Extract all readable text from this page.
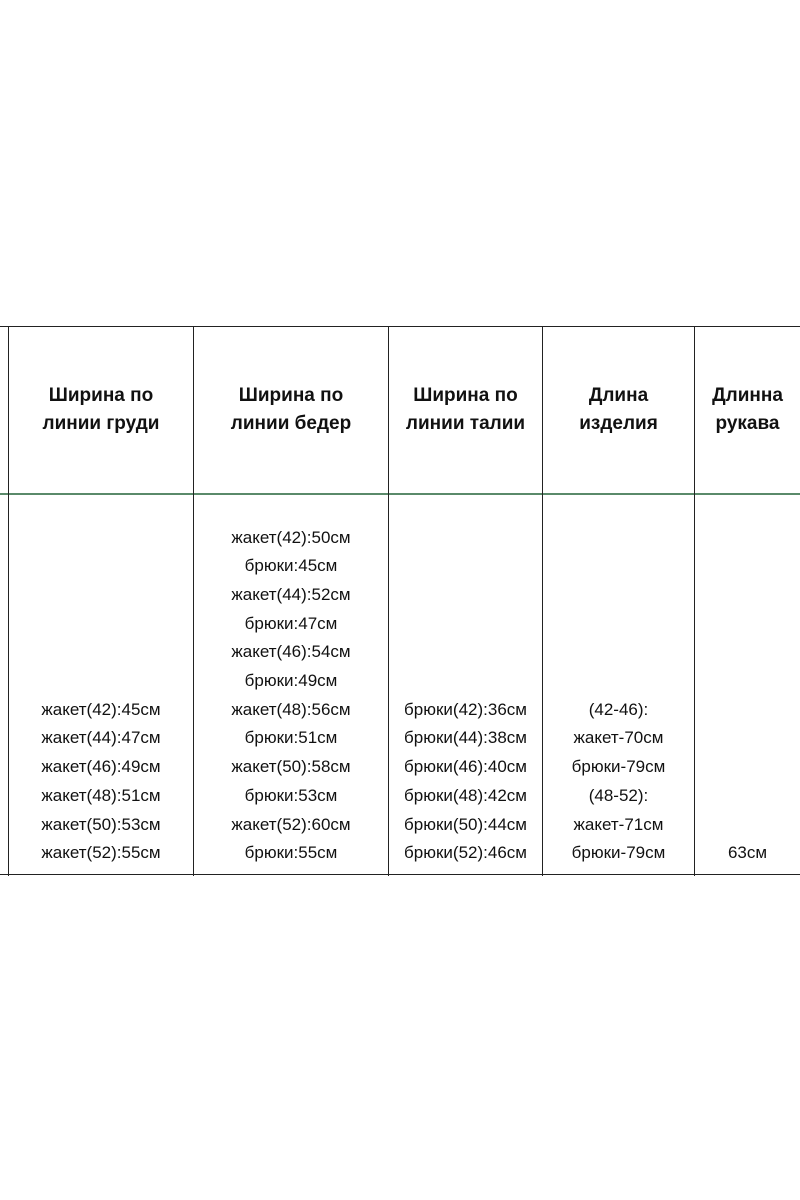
Ширина по
линии груди
Ширина по
линии бедер
Ширина по
линии талии
Длина
изделия
Длинна
рукава
жакет(42):45см
жакет(44):47см
жакет(46):49см
жакет(48):51см
жакет(50):53см
жакет(52):55см
жакет(42):50см
брюки:45см
жакет(44):52см
брюки:47см
жакет(46):54см
брюки:49см
жакет(48):56см
брюки:51см
жакет(50):58см
брюки:53см
жакет(52):60см
брюки:55см
брюки(42):36см
брюки(44):38см
брюки(46):40см
брюки(48):42см
брюки(50):44см
брюки(52):46см
(42-46):
жакет-70см
брюки-79см
(48-52):
жакет-71см
брюки-79см	63см
